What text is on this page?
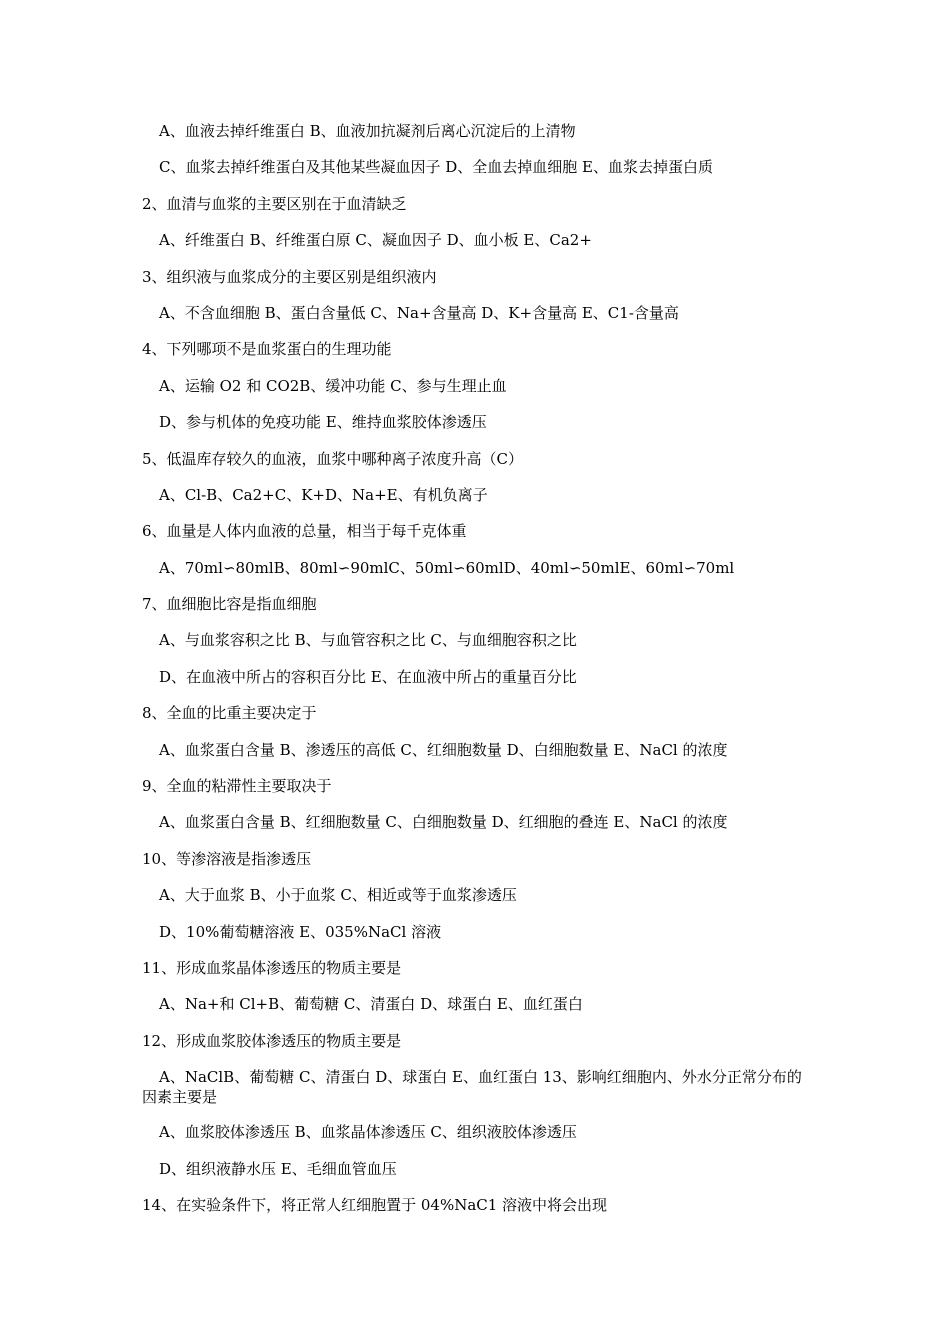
A、血液去掉纤维蛋白 B、血液加抗凝剂后离心沉淀后的上清物
C、血浆去掉纤维蛋白及其他某些凝血因子 D、全血去掉血细胞 E、血浆去掉蛋白质
2、血清与血浆的主要区别在于血清缺乏
A、纤维蛋白 B、纤维蛋白原 C、凝血因子 D、血小板 E、Ca2+
3、组织液与血浆成分的主要区别是组织液内
A、不含血细胞 B、蛋白含量低 C、Na+含量高 D、K+含量高 E、C1-含量高
4、下列哪项不是血浆蛋白的生理功能
A、运输 O2 和 CO2B、缓冲功能 C、参与生理止血
D、参与机体的免疫功能 E、维持血浆胶体渗透压
5、低温库存较久的血液，血浆中哪种离子浓度升高（C）
A、Cl-B、Ca2+C、K+D、Na+E、有机负离子
6、血量是人体内血液的总量，相当于每千克体重
A、70ml∽80mlB、80ml∽90mlC、50ml∽60mlD、40ml∽50mlE、60ml∽70ml
7、血细胞比容是指血细胞
A、与血浆容积之比 B、与血管容积之比 C、与血细胞容积之比
D、在血液中所占的容积百分比 E、在血液中所占的重量百分比
8、全血的比重主要决定于
A、血浆蛋白含量 B、渗透压的高低 C、红细胞数量 D、白细胞数量 E、NaCl 的浓度
9、全血的粘滞性主要取决于
A、血浆蛋白含量 B、红细胞数量 C、白细胞数量 D、红细胞的叠连 E、NaCl 的浓度
10、等渗溶液是指渗透压
A、大于血浆 B、小于血浆 C、相近或等于血浆渗透压
D、10%葡萄糖溶液 E、035%NaCl 溶液
11、形成血浆晶体渗透压的物质主要是
A、Na+和 Cl+B、葡萄糖 C、清蛋白 D、球蛋白 E、血红蛋白
12、形成血浆胶体渗透压的物质主要是
A、NaClB、葡萄糖 C、清蛋白 D、球蛋白 E、血红蛋白 13、影响红细胞内、外水分正常分布的因素主要是
A、血浆胶体渗透压 B、血浆晶体渗透压 C、组织液胶体渗透压
D、组织液静水压 E、毛细血管血压
14、在实验条件下，将正常人红细胞置于 04%NaC1 溶液中将会出现
